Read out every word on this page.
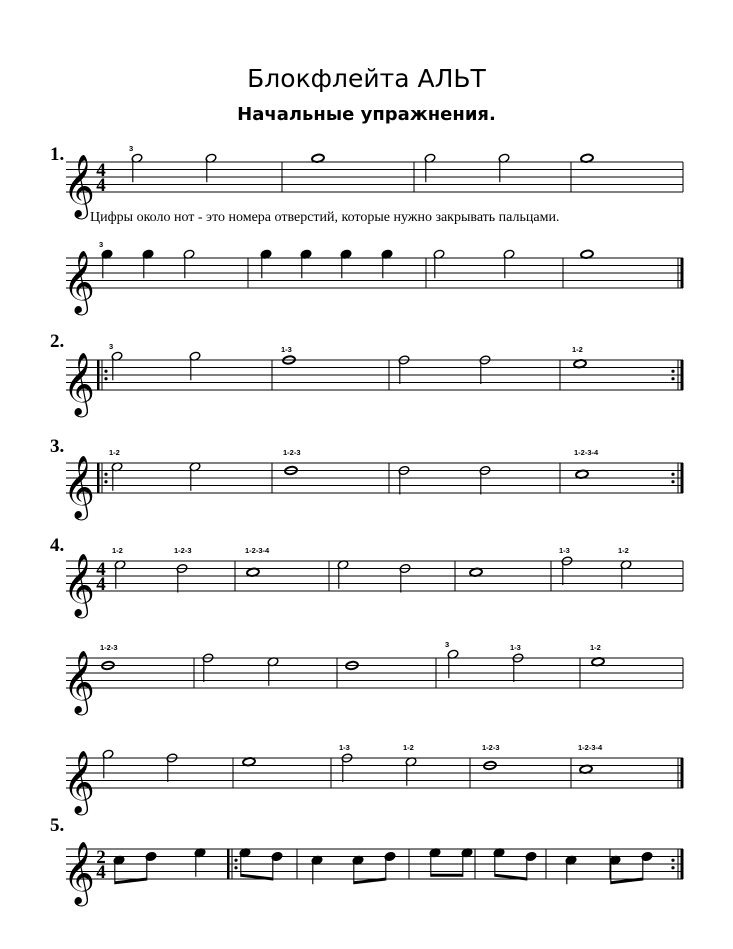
Блокфлейта АЛЬТ
Начальные упражнения.
Цифры около нот - это номера отверстий, которые нужно закрывать пальцами.
1.
𝄞 4
4
3
𝄞
3
2.
𝄞
3	1-3	1-2
3.
𝄞
1-2	1-2-3	1-2-3-4
4.
𝄞 4
4
1-2	1-2-3	1-2-3-4	1-3	1-2
𝄞
1-2-3	3	1-3	1-2
𝄞
1-3	1-2	1-2-3	1-2-3-4
5.
𝄞 2
4
